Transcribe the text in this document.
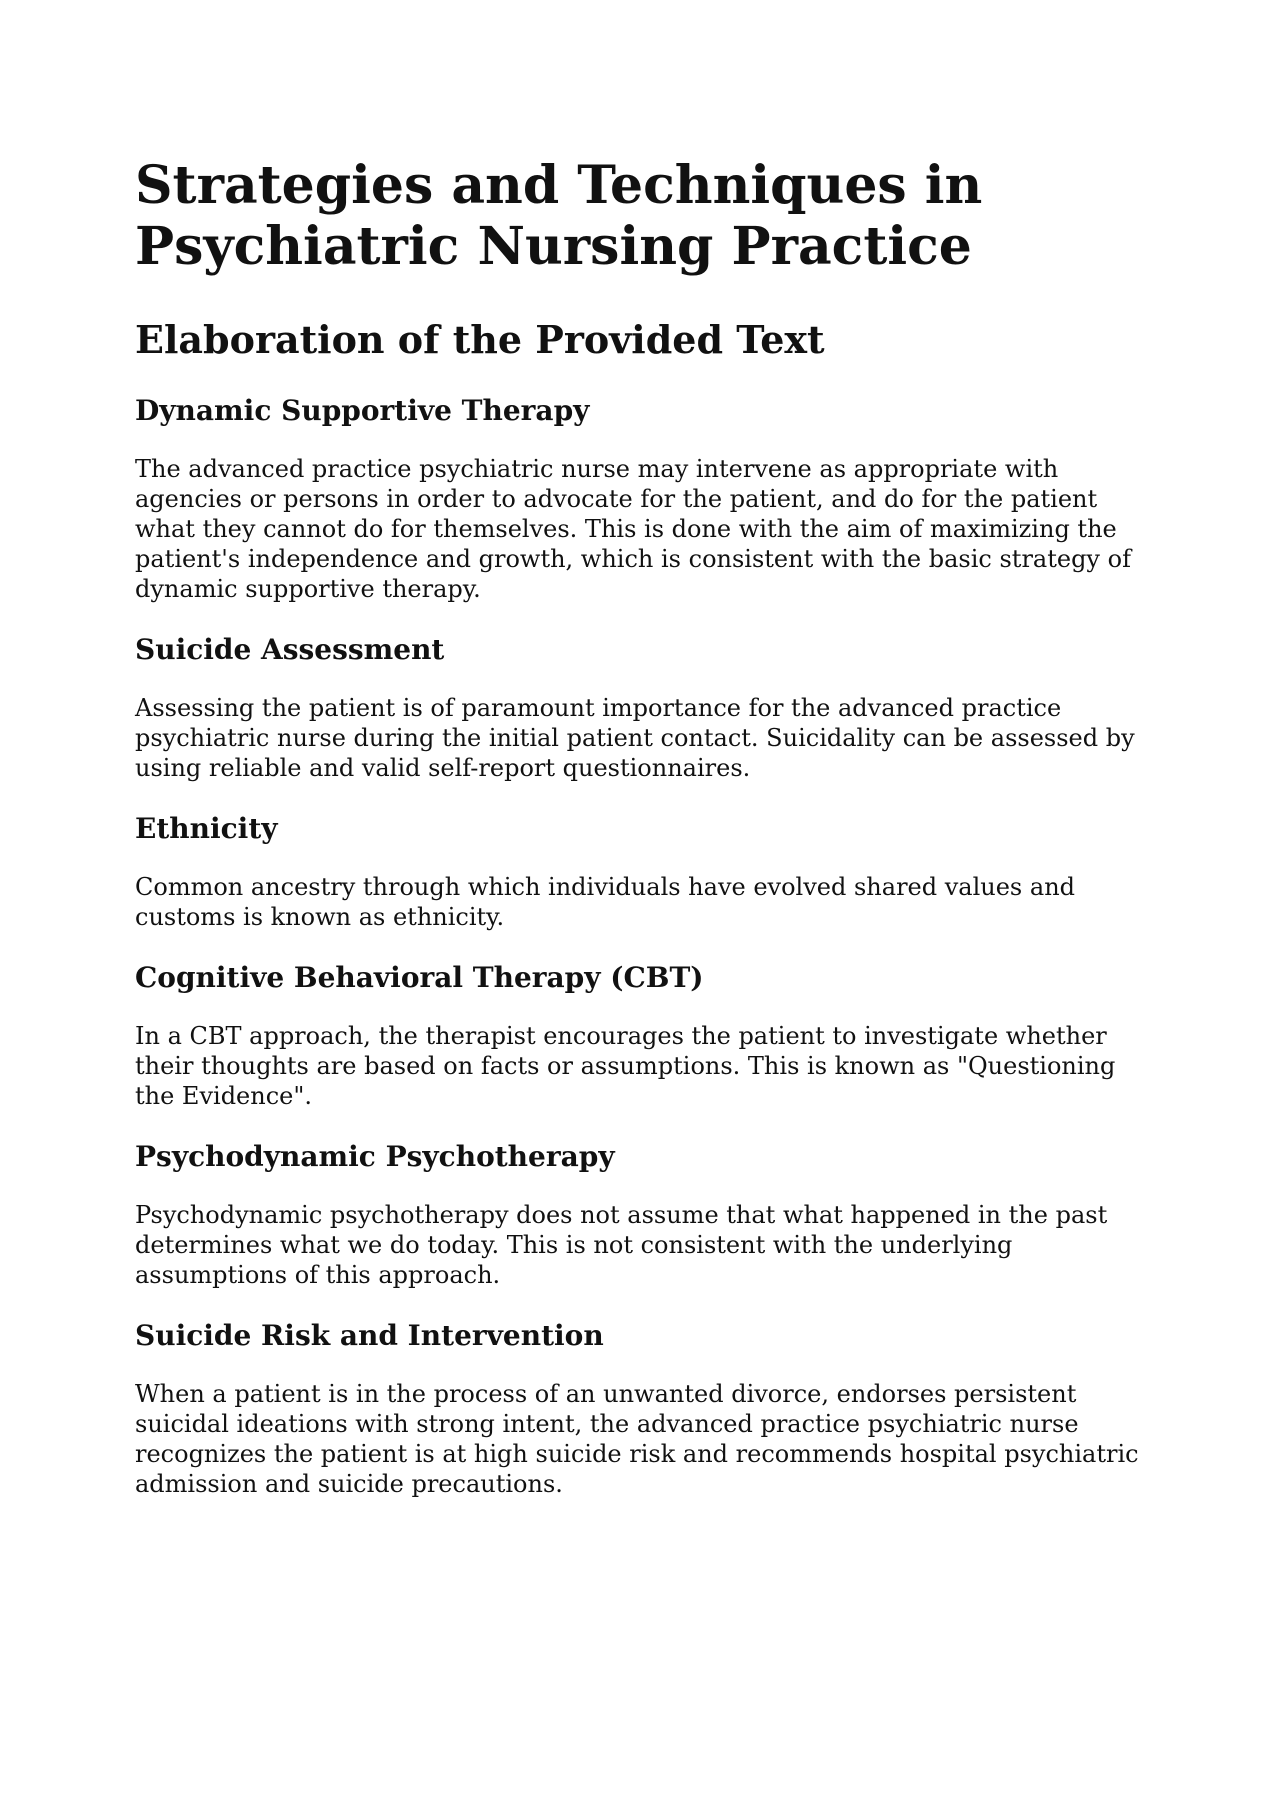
Strategies and Techniques in Psychiatric Nursing Practice
Elaboration of the Provided Text
Dynamic Supportive Therapy

The advanced practice psychiatric nurse may intervene as appropriate with agencies or persons in order to advocate for the patient, and do for the patient what they cannot do for themselves. This is done with the aim of maximizing the patient's independence and growth, which is consistent with the basic strategy of dynamic supportive therapy.

Suicide Assessment

Assessing the patient is of paramount importance for the advanced practice psychiatric nurse during the initial patient contact. Suicidality can be assessed by using reliable and valid self-report questionnaires.

Ethnicity

Common ancestry through which individuals have evolved shared values and customs is known as ethnicity.

Cognitive Behavioral Therapy (CBT)

In a CBT approach, the therapist encourages the patient to investigate whether their thoughts are based on facts or assumptions. This is known as "Questioning the Evidence".

Psychodynamic Psychotherapy

Psychodynamic psychotherapy does not assume that what happened in the past determines what we do today. This is not consistent with the underlying assumptions of this approach.

Suicide Risk and Intervention

When a patient is in the process of an unwanted divorce, endorses persistent suicidal ideations with strong intent, the advanced practice psychiatric nurse recognizes the patient is at high suicide risk and recommends hospital psychiatric admission and suicide precautions.
